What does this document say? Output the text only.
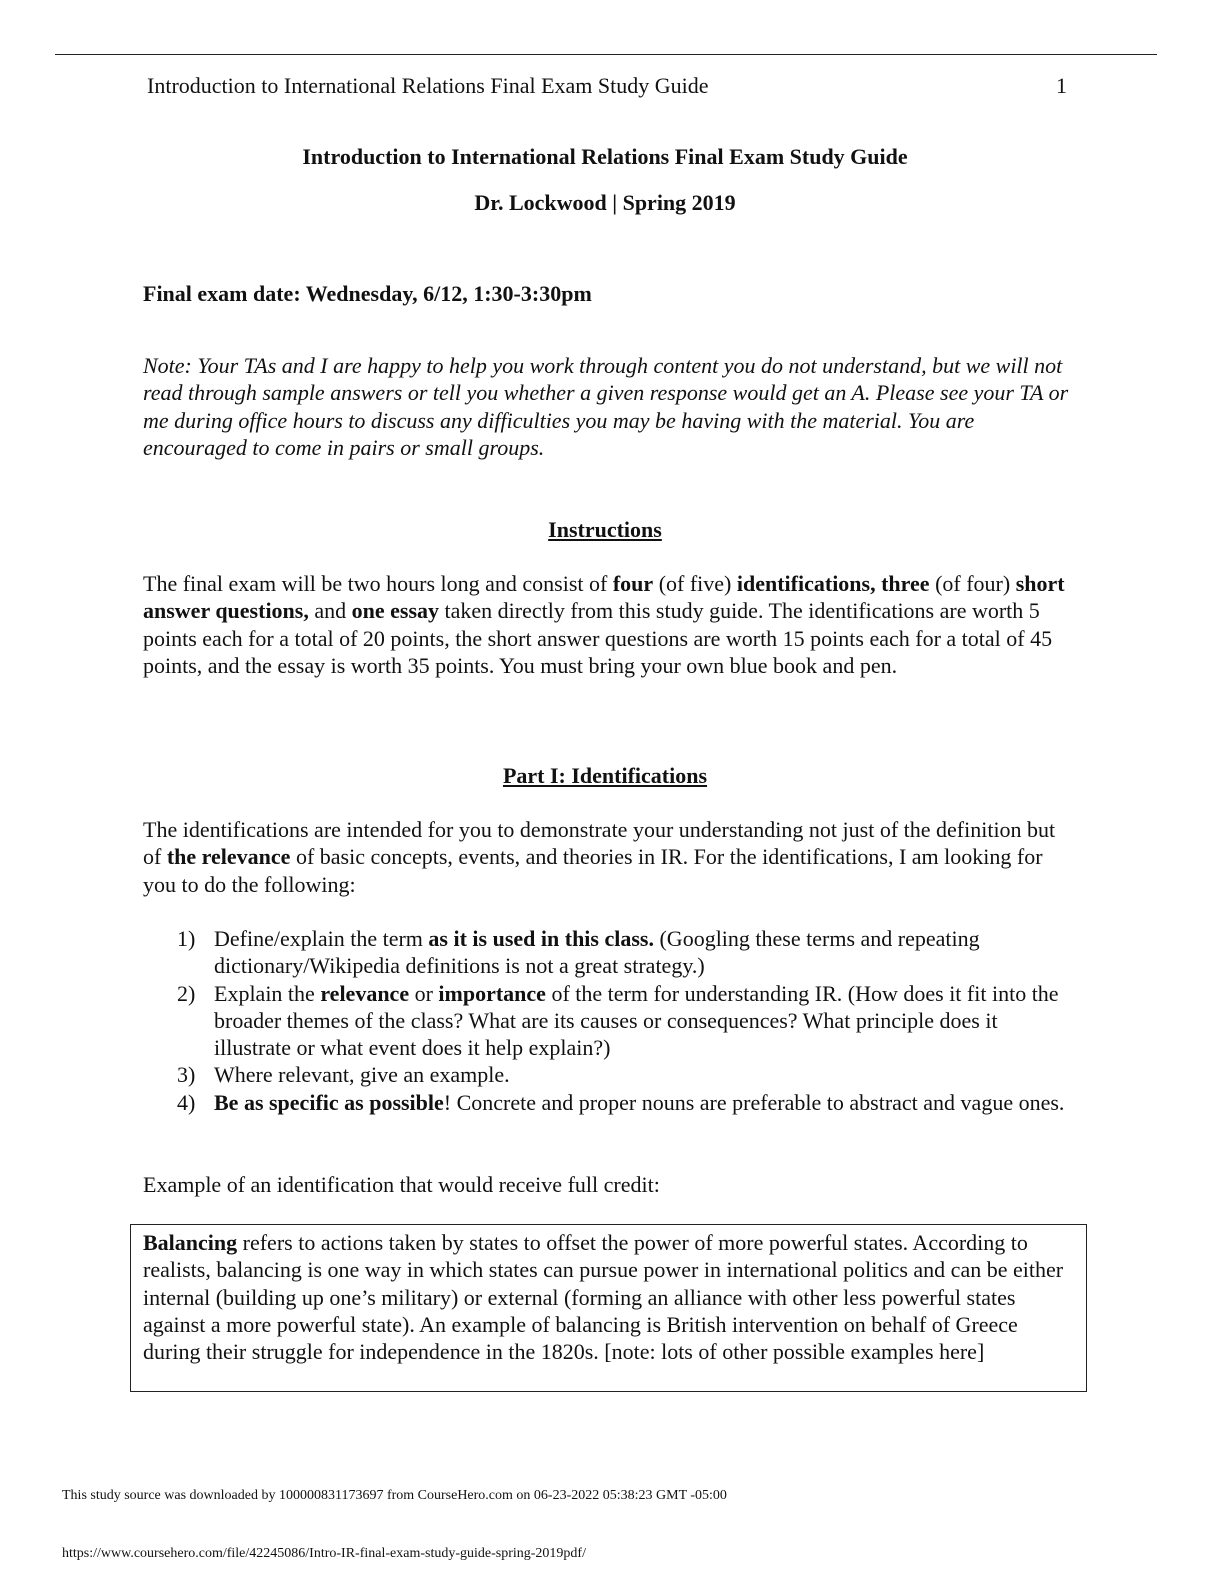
Introduction to International Relations Final Exam Study Guide	1
Introduction to International Relations Final Exam Study Guide
Dr. Lockwood | Spring 2019
Final exam date: Wednesday, 6/12, 1:30-3:30pm
Note: Your TAs and I are happy to help you work through content you do not understand, but we will not read through sample answers or tell you whether a given response would get an A. Please see your TA or me during office hours to discuss any difficulties you may be having with the material. You are encouraged to come in pairs or small groups.
Instructions
The final exam will be two hours long and consist of four (of five) identifications, three (of four) short answer questions, and one essay taken directly from this study guide. The identifications are worth 5 points each for a total of 20 points, the short answer questions are worth 15 points each for a total of 45 points, and the essay is worth 35 points. You must bring your own blue book and pen.
Part I: Identifications
The identifications are intended for you to demonstrate your understanding not just of the definition but of the relevance of basic concepts, events, and theories in IR. For the identifications, I am looking for you to do the following:
1) Define/explain the term as it is used in this class. (Googling these terms and repeating dictionary/Wikipedia definitions is not a great strategy.)
2) Explain the relevance or importance of the term for understanding IR. (How does it fit into the broader themes of the class? What are its causes or consequences? What principle does it illustrate or what event does it help explain?)
3) Where relevant, give an example.
4) Be as specific as possible! Concrete and proper nouns are preferable to abstract and vague ones.
Example of an identification that would receive full credit:
Balancing refers to actions taken by states to offset the power of more powerful states. According to realists, balancing is one way in which states can pursue power in international politics and can be either internal (building up one’s military) or external (forming an alliance with other less powerful states against a more powerful state). An example of balancing is British intervention on behalf of Greece during their struggle for independence in the 1820s. [note: lots of other possible examples here]
This study source was downloaded by 100000831173697 from CourseHero.com on 06-23-2022 05:38:23 GMT -05:00
https://www.coursehero.com/file/42245086/Intro-IR-final-exam-study-guide-spring-2019pdf/
